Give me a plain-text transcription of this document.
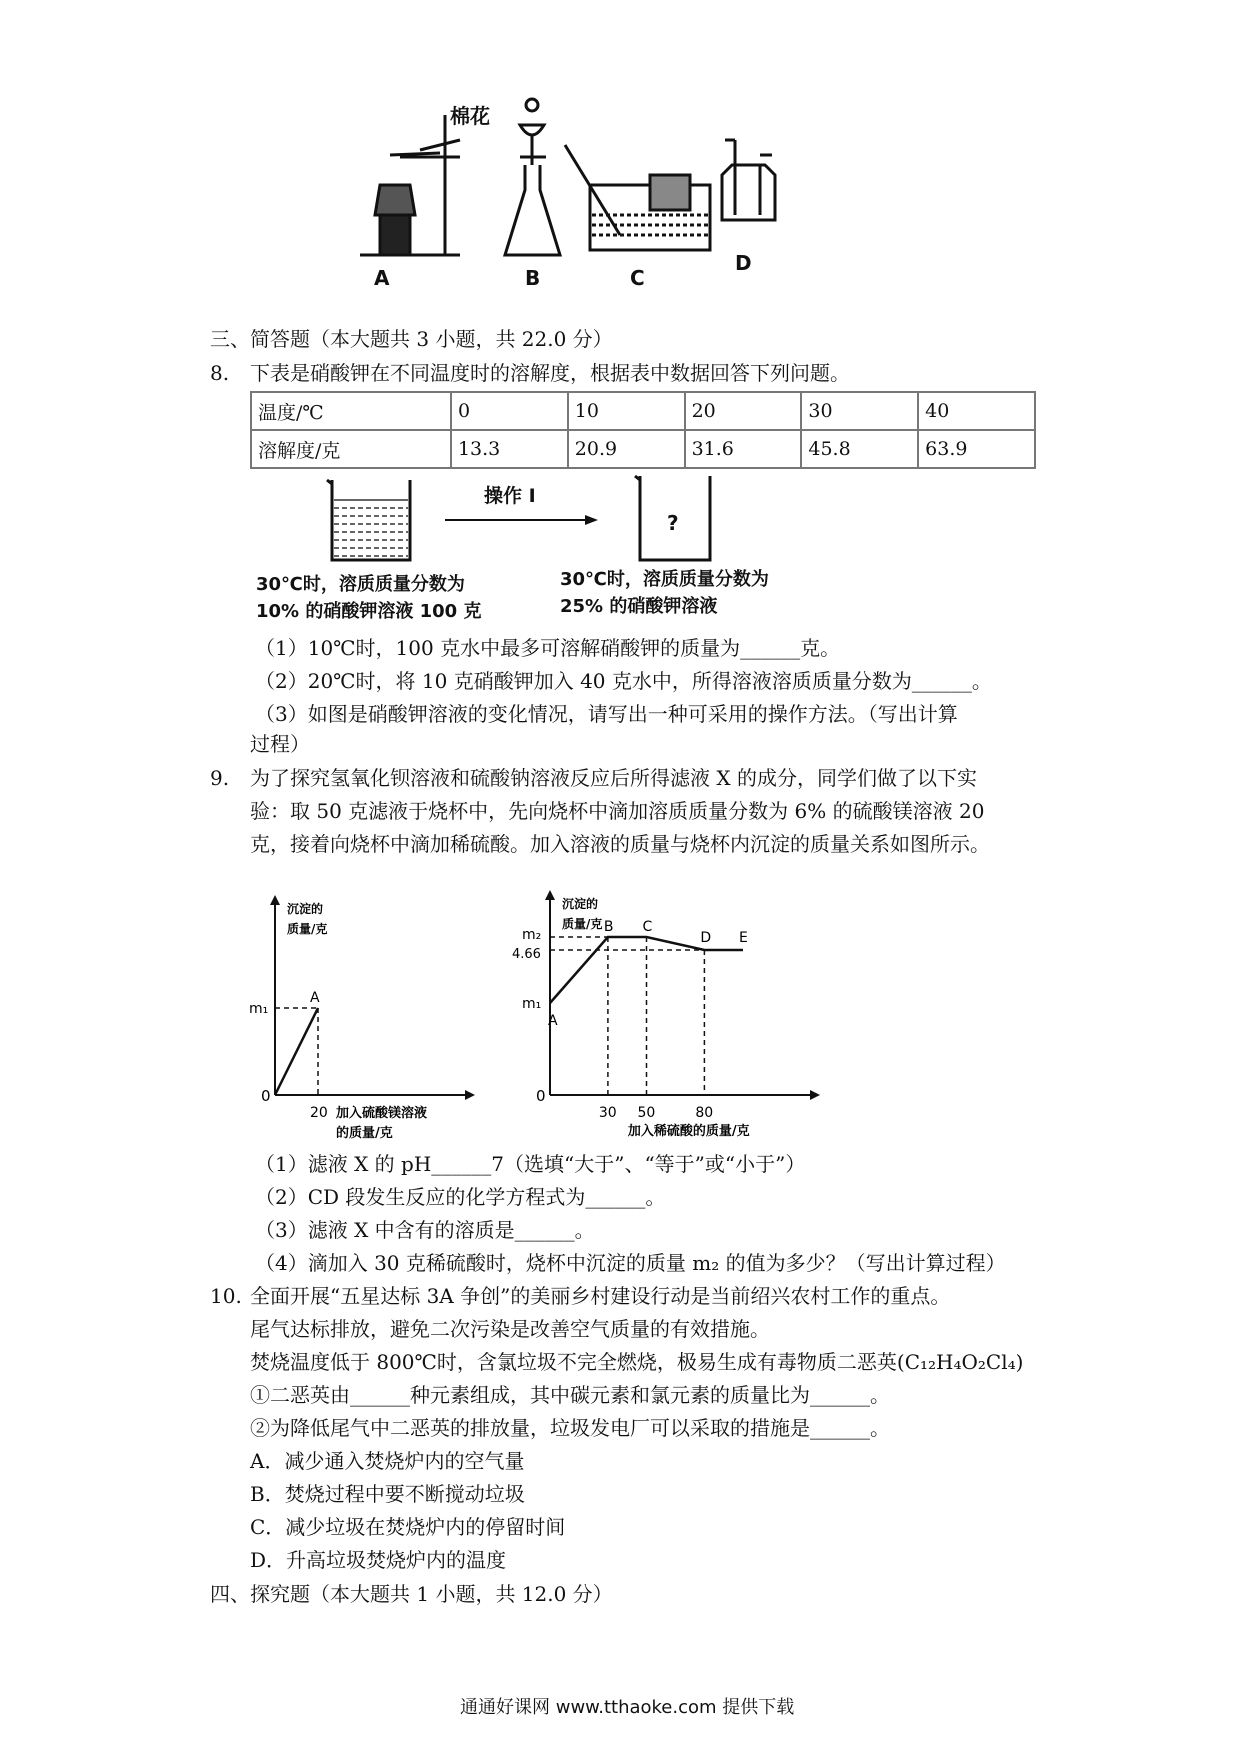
棉花
A	B	C
D
三、简答题（本大题共 3 小题，共 22.0 分）
8. 下表是硝酸钾在不同温度时的溶解度，根据表中数据回答下列问题。
温度/℃	0	10	20	30	40
溶解度/克	13.3	20.9	31.6	45.8	63.9
操作 I
?
30℃时，溶质质量分数为
10% 的硝酸钾溶液 100 克
30℃时，溶质质量分数为
25% 的硝酸钾溶液
（1）10℃时，100 克水中最多可溶解硝酸钾的质量为______克。
（2）20℃时，将 10 克硝酸钾加入 40 克水中，所得溶液溶质质量分数为______。
（3）如图是硝酸钾溶液的变化情况，请写出一种可采用的操作方法。（写出计算
过程）
9. 为了探究氢氧化钡溶液和硫酸钠溶液反应后所得滤液 X 的成分，同学们做了以下实
验：取 50 克滤液于烧杯中，先向烧杯中滴加溶质质量分数为 6% 的硫酸镁溶液 20
克，接着向烧杯中滴加稀硫酸。加入溶液的质量与烧杯内沉淀的质量关系如图所示。
0
沉淀的
质量/克
A
m₁
20 加入硫酸镁溶液
的质量/克
0
沉淀的
质量/克
A
B C
D E
m₁
4.66
m₂
30 50	80
加入稀硫酸的质量/克
（1）滤液 X 的 pH______7（选填“大于”、“等于”或“小于”）
（2）CD 段发生反应的化学方程式为______。
（3）滤液 X 中含有的溶质是______。
（4）滴加入 30 克稀硫酸时，烧杯中沉淀的质量 m₂ 的值为多少？（写出计算过程）
10. 全面开展“五星达标 3A 争创”的美丽乡村建设行动是当前绍兴农村工作的重点。
尾气达标排放，避免二次污染是改善空气质量的有效措施。
焚烧温度低于 800℃时，含氯垃圾不完全燃烧，极易生成有毒物质二恶英(C₁₂H₄O₂Cl₄)
①二恶英由______种元素组成，其中碳元素和氯元素的质量比为______。
②为降低尾气中二恶英的排放量，垃圾发电厂可以采取的措施是______。
A．减少通入焚烧炉内的空气量
B．焚烧过程中要不断搅动垃圾
C．减少垃圾在焚烧炉内的停留时间
D．升高垃圾焚烧炉内的温度
四、探究题（本大题共 1 小题，共 12.0 分）
通通好课网 www.tthaoke.com 提供下载
